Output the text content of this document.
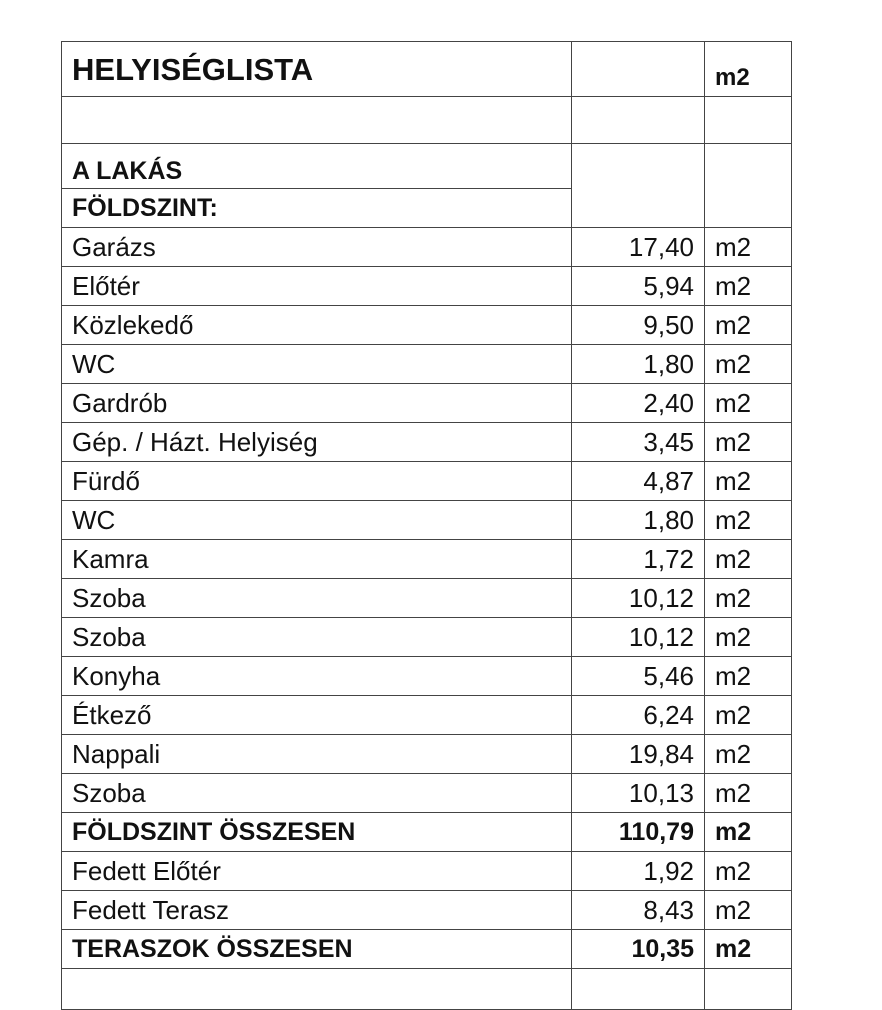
HELYISÉGLISTA		m2

A LAKÁS		
FÖLDSZINT:		
Garázs	17,40	m2
Előtér	5,94	m2
Közlekedő	9,50	m2
WC	1,80	m2
Gardrób	2,40	m2
Gép. / Házt. Helyiség	3,45	m2
Fürdő	4,87	m2
WC	1,80	m2
Kamra	1,72	m2
Szoba	10,12	m2
Szoba	10,12	m2
Konyha	5,46	m2
Étkező	6,24	m2
Nappali	19,84	m2
Szoba	10,13	m2
FÖLDSZINT ÖSSZESEN	110,79	m2
Fedett Előtér	1,92	m2
Fedett Terasz	8,43	m2
TERASZOK ÖSSZESEN	10,35	m2
